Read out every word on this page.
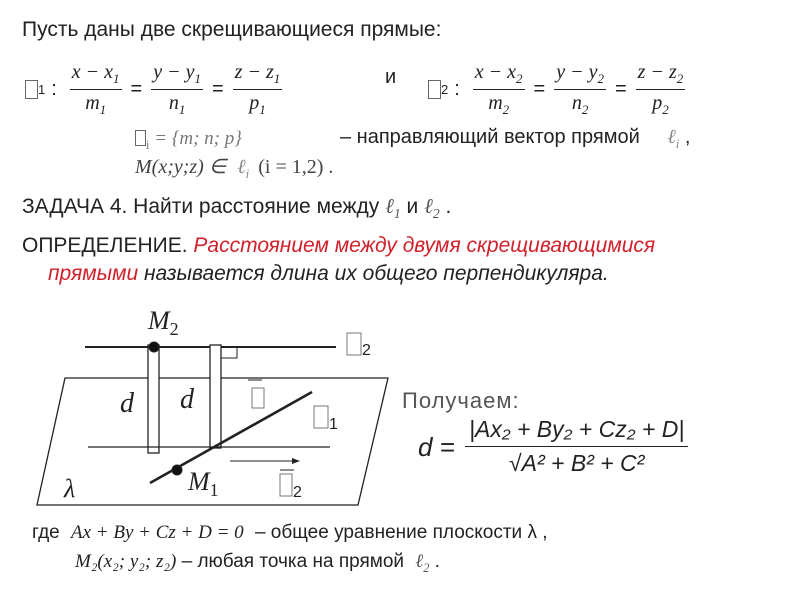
Пусть даны две скрещивающиеся прямые:
1 : $\frac{x - x_1}{m_1} = \frac{y - y_1}{n_1} = \frac{z - z_1}{p_1}$	и
2 : $\frac{x - x_2}{m_2} = \frac{y - y_2}{n_2} = \frac{z - z_2}{p_2}$
$_i$ = {m; n; p}	– направляющий вектор прямой ℓ$_i$ ,
M(x;y;z) ∈ ℓ$_i$ (i = 1,2) .
ЗАДАЧА 4. Найти расстояние между ℓ$_1$ и ℓ$_2$ .
ОПРЕДЕЛЕНИЕ. Расстоянием между двумя скрещивающимися
прямыми называется длина их общего перпендикуляра.
$M_2$
$M_1$
d d
λ
2
1
2
Получаем:
$d = \frac{\text{|Ax₂ + By₂ + Cz₂ + D|}}{\text{√A² + B² + C²}}$
где Ax + By + Cz + D = 0 – общее уравнение плоскости λ ,
M₂(x₂; y₂; z₂) – любая точка на прямой ℓ$_2$ .
